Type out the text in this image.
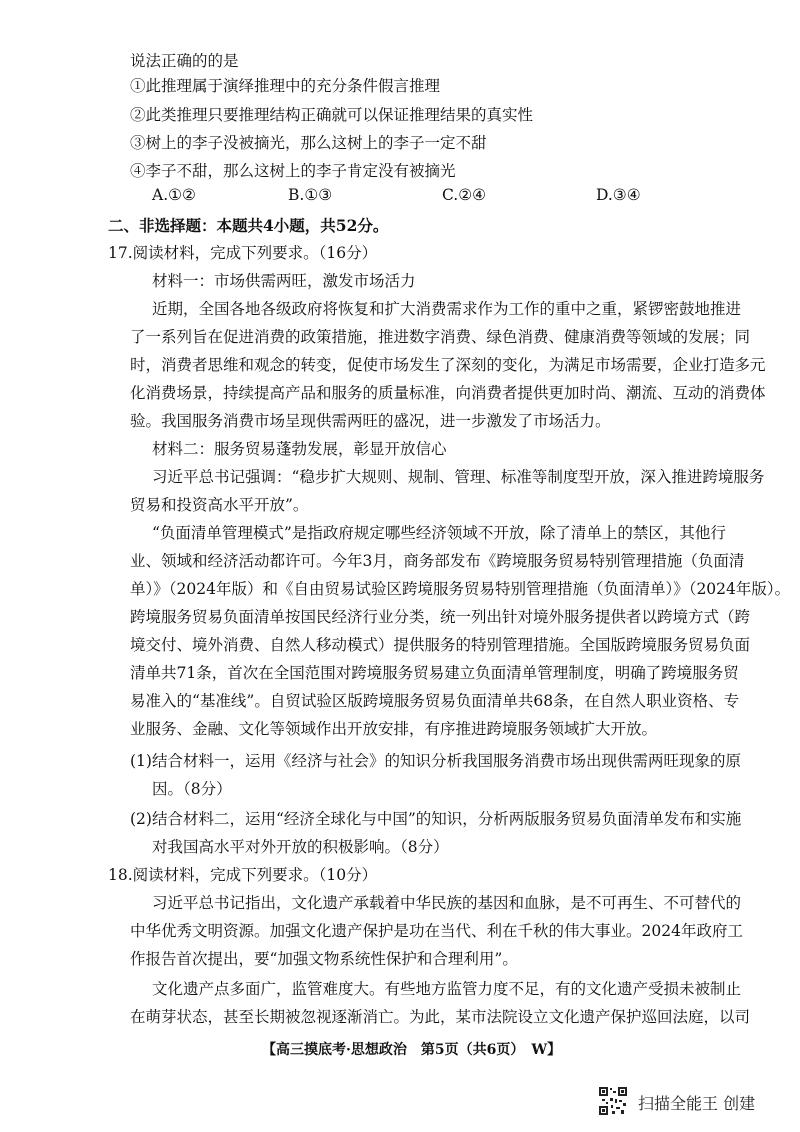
说法正确的的是
①此推理属于演绎推理中的充分条件假言推理
②此类推理只要推理结构正确就可以保证推理结果的真实性
③树上的李子没被摘光，那么这树上的李子一定不甜
④李子不甜，那么这树上的李子肯定没有被摘光
A.①②	B.①③	C.②④	D.③④
二、非选择题：本题共4小题，共52分。
17.阅读材料，完成下列要求。（16分）
材料一：市场供需两旺，激发市场活力
近期，全国各地各级政府将恢复和扩大消费需求作为工作的重中之重，紧锣密鼓地推进
了一系列旨在促进消费的政策措施，推进数字消费、绿色消费、健康消费等领域的发展；同
时，消费者思维和观念的转变，促使市场发生了深刻的变化，为满足市场需要，企业打造多元
化消费场景，持续提高产品和服务的质量标准，向消费者提供更加时尚、潮流、互动的消费体
验。我国服务消费市场呈现供需两旺的盛况，进一步激发了市场活力。
材料二：服务贸易蓬勃发展，彰显开放信心
习近平总书记强调：“稳步扩大规则、规制、管理、标准等制度型开放，深入推进跨境服务
贸易和投资高水平开放”。
“负面清单管理模式”是指政府规定哪些经济领域不开放，除了清单上的禁区，其他行
业、领域和经济活动都许可。今年3月，商务部发布《跨境服务贸易特别管理措施（负面清
单）》（2024年版）和《自由贸易试验区跨境服务贸易特别管理措施（负面清单）》（2024年版）。
跨境服务贸易负面清单按国民经济行业分类，统一列出针对境外服务提供者以跨境方式（跨
境交付、境外消费、自然人移动模式）提供服务的特别管理措施。全国版跨境服务贸易负面
清单共71条，首次在全国范围对跨境服务贸易建立负面清单管理制度，明确了跨境服务贸
易准入的“基准线”。自贸试验区版跨境服务贸易负面清单共68条，在自然人职业资格、专
业服务、金融、文化等领域作出开放安排，有序推进跨境服务领域扩大开放。
(1)结合材料一，运用《经济与社会》的知识分析我国服务消费市场出现供需两旺现象的原
因。（8分）
(2)结合材料二，运用“经济全球化与中国”的知识，分析两版服务贸易负面清单发布和实施
对我国高水平对外开放的积极影响。（8分）
18.阅读材料，完成下列要求。（10分）
习近平总书记指出，文化遗产承载着中华民族的基因和血脉，是不可再生、不可替代的
中华优秀文明资源。加强文化遗产保护是功在当代、利在千秋的伟大事业。2024年政府工
作报告首次提出，要“加强文物系统性保护和合理利用”。
文化遗产点多面广，监管难度大。有些地方监管力度不足，有的文化遗产受损未被制止
在萌芽状态，甚至长期被忽视逐渐消亡。为此，某市法院设立文化遗产保护巡回法庭，以司
【高三摸底考·思想政治　第5页（共6页）　W】
扫描全能王 创建
